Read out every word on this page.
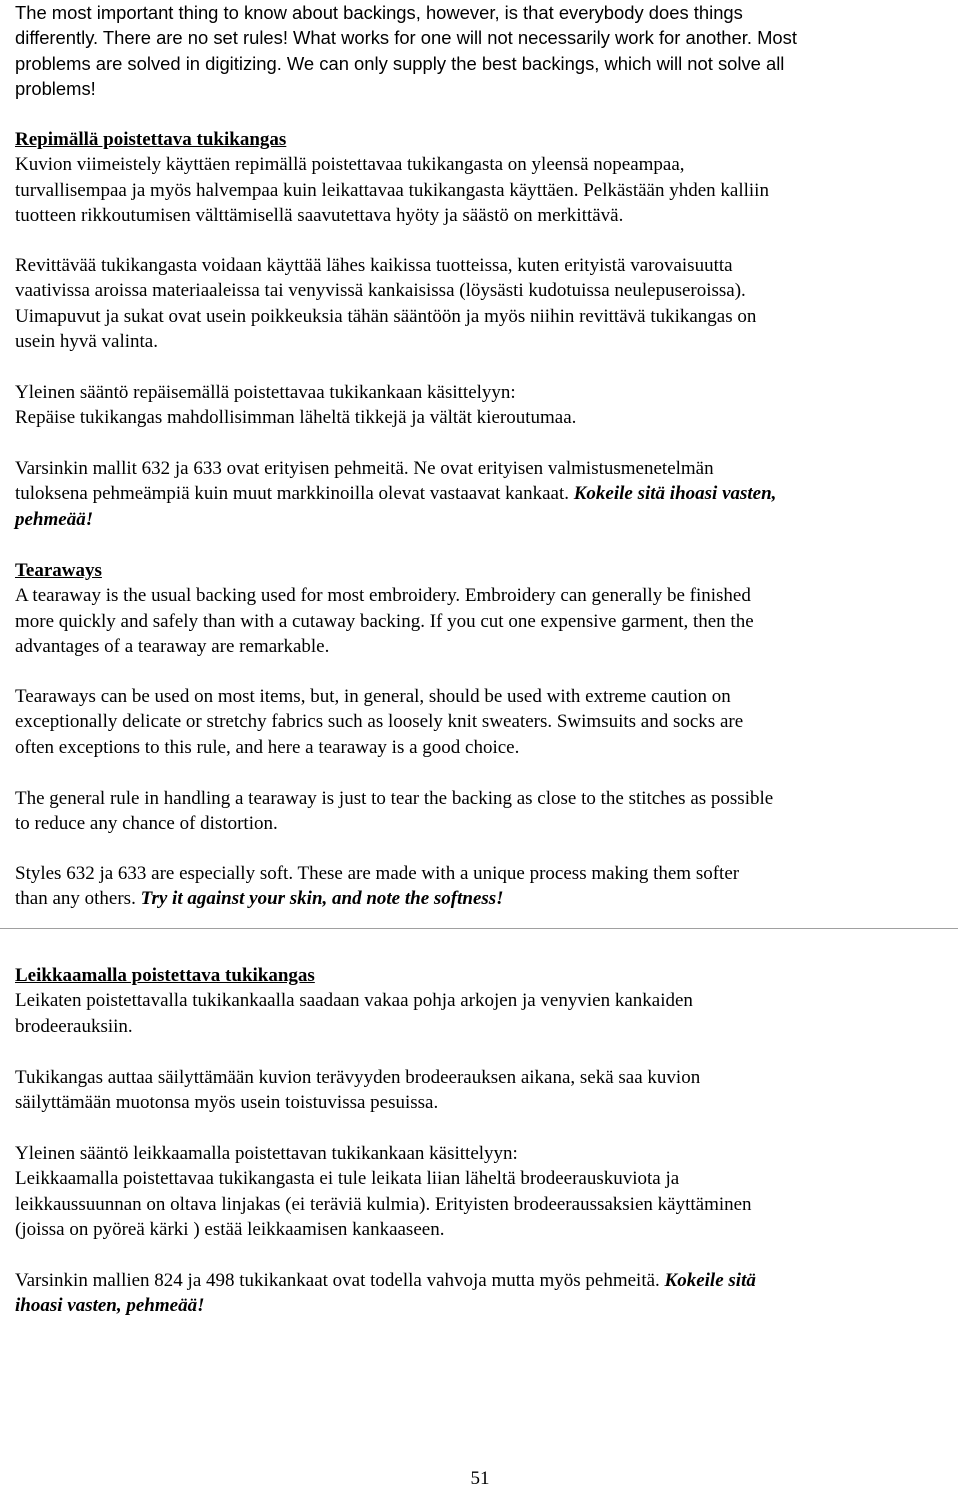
The most important thing to know about backings, however, is that everybody does things
differently. There are no set rules! What works for one will not necessarily work for another. Most
problems are solved in digitizing. We can only supply the best backings, which will not solve all
problems!
Repimällä poistettava tukikangas
Kuvion viimeistely käyttäen repimällä poistettavaa tukikangasta on yleensä nopeampaa,
turvallisempaa ja myös halvempaa kuin leikattavaa tukikangasta käyttäen. Pelkästään yhden kalliin
tuotteen rikkoutumisen välttämisellä saavutettava hyöty ja säästö on merkittävä.
Revittävää tukikangasta voidaan käyttää lähes kaikissa tuotteissa, kuten erityistä varovaisuutta
vaativissa aroissa materiaaleissa tai venyvissä kankaisissa (löysästi kudotuissa neulepuseroissa).
Uimapuvut ja sukat ovat usein poikkeuksia tähän sääntöön ja myös niihin revittävä tukikangas on
usein hyvä valinta.
Yleinen sääntö repäisemällä poistettavaa tukikankaan käsittelyyn:
Repäise tukikangas mahdollisimman läheltä tikkejä ja vältät kieroutumaa.
Varsinkin mallit 632 ja 633 ovat erityisen pehmeitä. Ne ovat erityisen valmistusmenetelmän
tuloksena pehmeämpiä kuin muut markkinoilla olevat vastaavat kankaat. Kokeile sitä ihoasi vasten,
pehmeää!
Tearaways
A tearaway is the usual backing used for most embroidery. Embroidery can generally be finished
more quickly and safely than with a cutaway backing. If you cut one expensive garment, then the
advantages of a tearaway are remarkable.
Tearaways can be used on most items, but, in general, should be used with extreme caution on
exceptionally delicate or stretchy fabrics such as loosely knit sweaters. Swimsuits and socks are
often exceptions to this rule, and here a tearaway is a good choice.
The general rule in handling a tearaway is just to tear the backing as close to the stitches as possible
to reduce any chance of distortion.
Styles 632 ja 633 are especially soft. These are made with a unique process making them softer
than any others. Try it against your skin, and note the softness!
Leikkaamalla poistettava tukikangas
Leikaten poistettavalla tukikankaalla saadaan vakaa pohja arkojen ja venyvien kankaiden
brodeerauksiin.
Tukikangas auttaa säilyttämään kuvion terävyyden brodeerauksen aikana, sekä saa kuvion
säilyttämään muotonsa myös usein toistuvissa pesuissa.
Yleinen sääntö leikkaamalla poistettavan tukikankaan käsittelyyn:
Leikkaamalla poistettavaa tukikangasta ei tule leikata liian läheltä brodeerauskuviota ja
leikkaussuunnan on oltava linjakas (ei teräviä kulmia). Erityisten brodeeraussaksien käyttäminen
(joissa on pyöreä kärki ) estää leikkaamisen kankaaseen.
Varsinkin mallien 824 ja 498 tukikankaat ovat todella vahvoja mutta myös pehmeitä. Kokeile sitä
ihoasi vasten, pehmeää!
51
